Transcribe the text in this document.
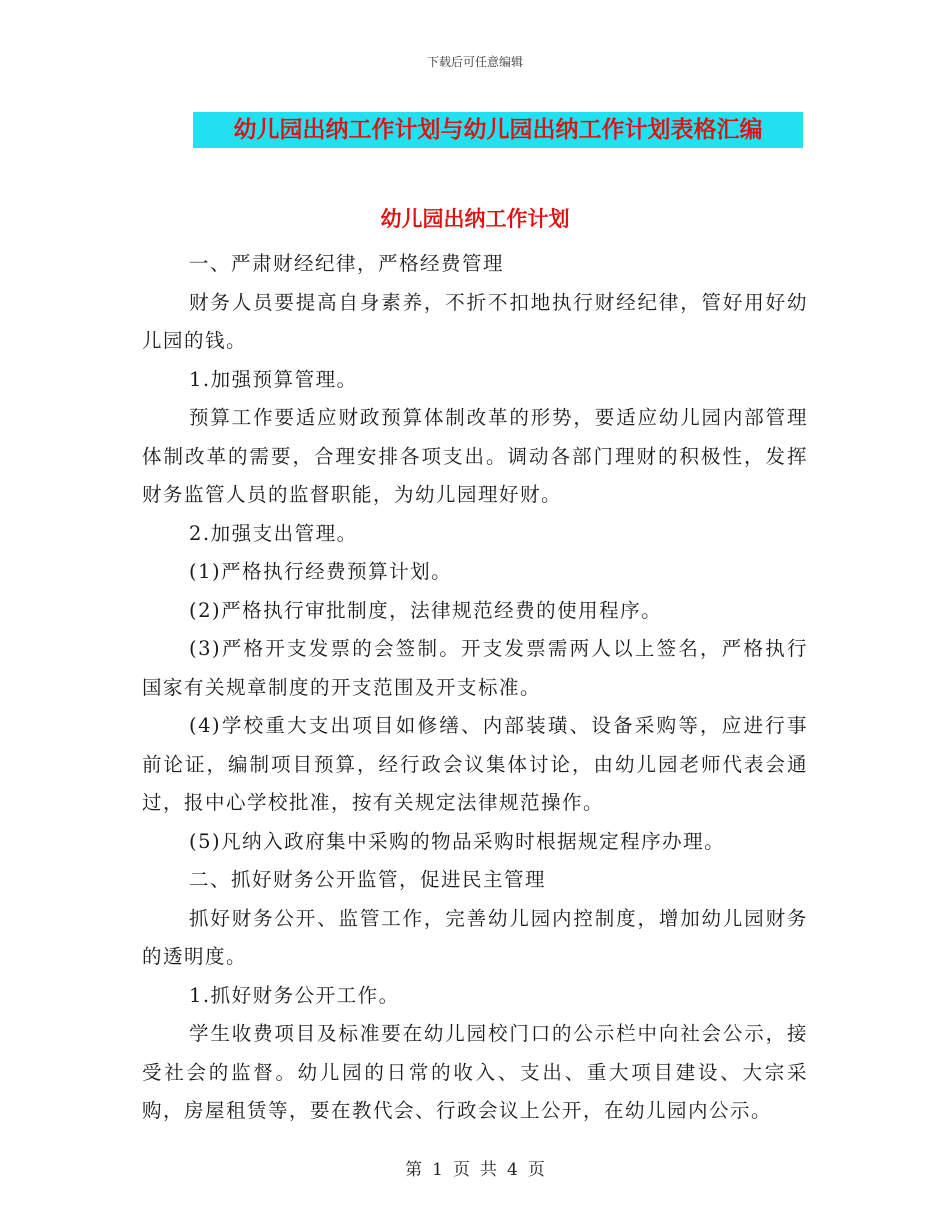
下载后可任意编辑
幼儿园出纳工作计划与幼儿园出纳工作计划表格汇编
幼儿园出纳工作计划

一、严肃财经纪律，严格经费管理

财务人员要提高自身素养，不折不扣地执行财经纪律，管好用好幼儿园的钱。

1.加强预算管理。

预算工作要适应财政预算体制改革的形势，要适应幼儿园内部管理体制改革的需要，合理安排各项支出。调动各部门理财的积极性，发挥财务监管人员的监督职能，为幼儿园理好财。

2.加强支出管理。

(1)严格执行经费预算计划。

(2)严格执行审批制度，法律规范经费的使用程序。

(3)严格开支发票的会签制。开支发票需两人以上签名，严格执行国家有关规章制度的开支范围及开支标准。

(4)学校重大支出项目如修缮、内部装璜、设备采购等，应进行事前论证，编制项目预算，经行政会议集体讨论，由幼儿园老师代表会通过，报中心学校批准，按有关规定法律规范操作。

(5)凡纳入政府集中采购的物品采购时根据规定程序办理。

二、抓好财务公开监管，促进民主管理

抓好财务公开、监管工作，完善幼儿园内控制度，增加幼儿园财务的透明度。

1.抓好财务公开工作。

学生收费项目及标准要在幼儿园校门口的公示栏中向社会公示，接受社会的监督。幼儿园的日常的收入、支出、重大项目建设、大宗采购，房屋租赁等，要在教代会、行政会议上公开，在幼儿园内公示。

第 1 页 共 4 页
